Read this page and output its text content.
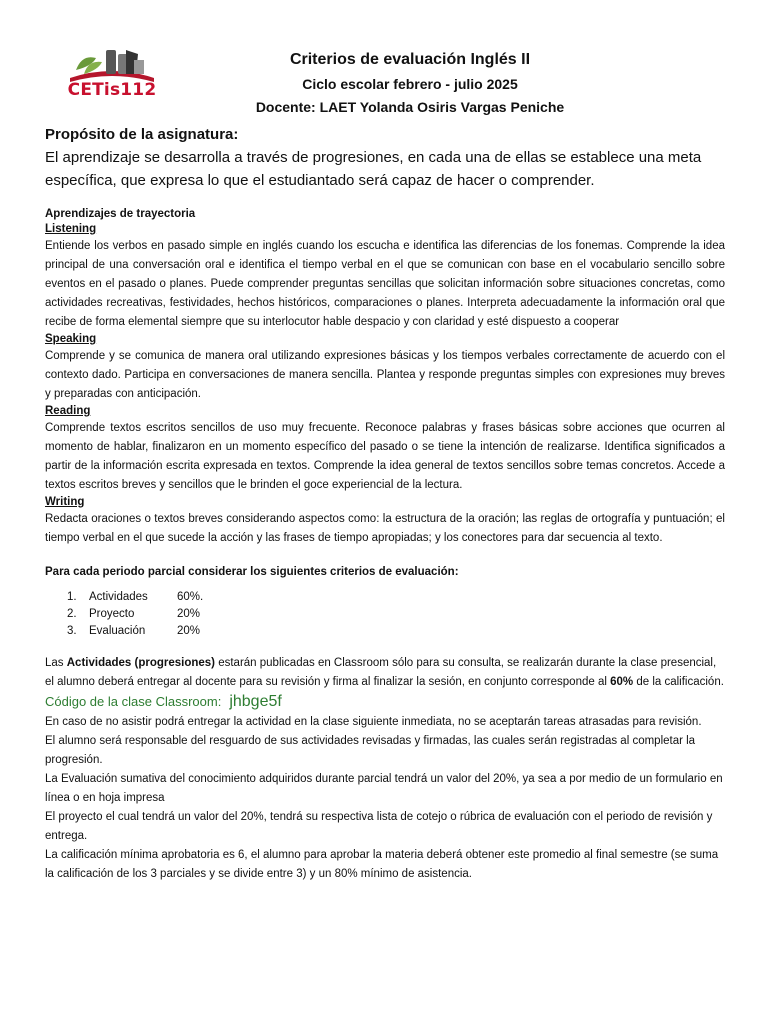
CETis112
Criterios de evaluación Inglés II
Ciclo escolar febrero - julio 2025
Docente: LAET Yolanda Osiris Vargas Peniche
Propósito de la asignatura:
El aprendizaje se desarrolla a través de progresiones, en cada una de ellas se establece una meta específica, que expresa lo que el estudiantado será capaz de hacer o comprender.
Aprendizajes de trayectoria
Listening
Entiende los verbos en pasado simple en inglés cuando los escucha e identifica las diferencias de los fonemas. Comprende la idea principal de una conversación oral e identifica el tiempo verbal en el que se comunican con base en el vocabulario sencillo sobre eventos en el pasado o planes. Puede comprender preguntas sencillas que solicitan información sobre situaciones concretas, como actividades recreativas, festividades, hechos históricos, comparaciones o planes. Interpreta adecuadamente la información oral que recibe de forma elemental siempre que su interlocutor hable despacio y con claridad y esté dispuesto a cooperar
Speaking
Comprende y se comunica de manera oral utilizando expresiones básicas y los tiempos verbales correctamente de acuerdo con el contexto dado. Participa en conversaciones de manera sencilla. Plantea y responde preguntas simples con expresiones muy breves y preparadas con anticipación.
Reading
Comprende textos escritos sencillos de uso muy frecuente. Reconoce palabras y frases básicas sobre acciones que ocurren al momento de hablar, finalizaron en un momento específico del pasado o se tiene la intención de realizarse. Identifica significados a partir de la información escrita expresada en textos. Comprende la idea general de textos sencillos sobre temas concretos. Accede a textos escritos breves y sencillos que le brinden el goce experiencial de la lectura.
Writing
Redacta oraciones o textos breves considerando aspectos como: la estructura de la oración; las reglas de ortografía y puntuación; el tiempo verbal en el que sucede la acción y las frases de tiempo apropiadas; y los conectores para dar secuencia al texto.
Para cada periodo parcial considerar los siguientes criterios de evaluación:
1.	Actividades	60%.
2.	Proyecto	20%
3.	Evaluación	20%
Las Actividades (progresiones) estarán publicadas en Classroom sólo para su consulta, se realizarán durante la clase presencial, el alumno deberá entregar al docente para su revisión y firma al finalizar la sesión, en conjunto corresponde al 60% de la calificación. Código de la clase Classroom: jhbge5f
En caso de no asistir podrá entregar la actividad en la clase siguiente inmediata, no se aceptarán tareas atrasadas para revisión.
El alumno será responsable del resguardo de sus actividades revisadas y firmadas, las cuales serán registradas al completar la progresión.
La Evaluación sumativa del conocimiento adquiridos durante parcial tendrá un valor del 20%, ya sea a por medio de un formulario en línea o en hoja impresa
El proyecto el cual tendrá un valor del 20%, tendrá su respectiva lista de cotejo o rúbrica de evaluación con el periodo de revisión y entrega.
La calificación mínima aprobatoria es 6, el alumno para aprobar la materia deberá obtener este promedio al final semestre (se suma la calificación de los 3 parciales y se divide entre 3) y un 80% mínimo de asistencia.
